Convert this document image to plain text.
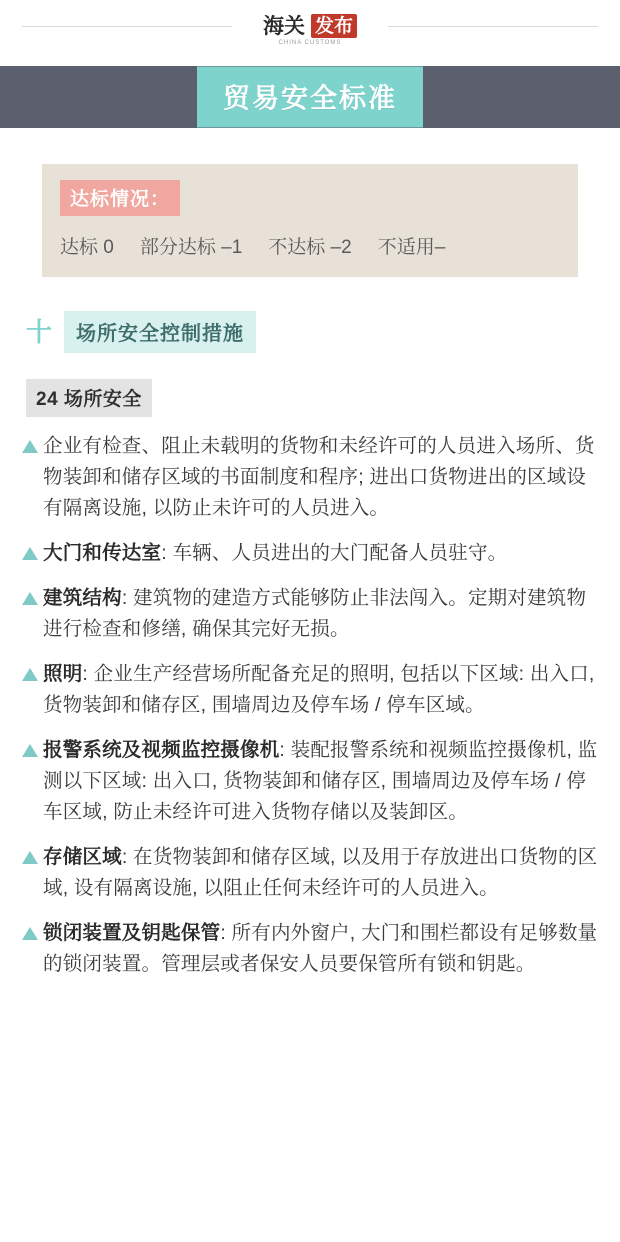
海关 发布
CHINA CUSTOMS
贸易安全标准
达标情况：
达标 0 部分达标 –1 不达标 –2 不适用–
十	场所安全控制措施
24 场所安全
企业有检查、阻止未载明的货物和未经许可的人员进入场所、货物装卸和储存区域的书面制度和程序; 进出口货物进出的区域设有隔离设施, 以防止未许可的人员进入。
大门和传达室: 车辆、人员进出的大门配备人员驻守。
建筑结构: 建筑物的建造方式能够防止非法闯入。定期对建筑物进行检查和修缮, 确保其完好无损。
照明: 企业生产经营场所配备充足的照明, 包括以下区域: 出入口, 货物装卸和储存区, 围墙周边及停车场 / 停车区域。
报警系统及视频监控摄像机: 装配报警系统和视频监控摄像机, 监测以下区域: 出入口, 货物装卸和储存区, 围墙周边及停车场 / 停车区域, 防止未经许可进入货物存储以及装卸区。
存储区域: 在货物装卸和储存区域, 以及用于存放进出口货物的区域, 设有隔离设施, 以阻止任何未经许可的人员进入。
锁闭装置及钥匙保管: 所有内外窗户, 大门和围栏都设有足够数量的锁闭装置。管理层或者保安人员要保管所有锁和钥匙。
